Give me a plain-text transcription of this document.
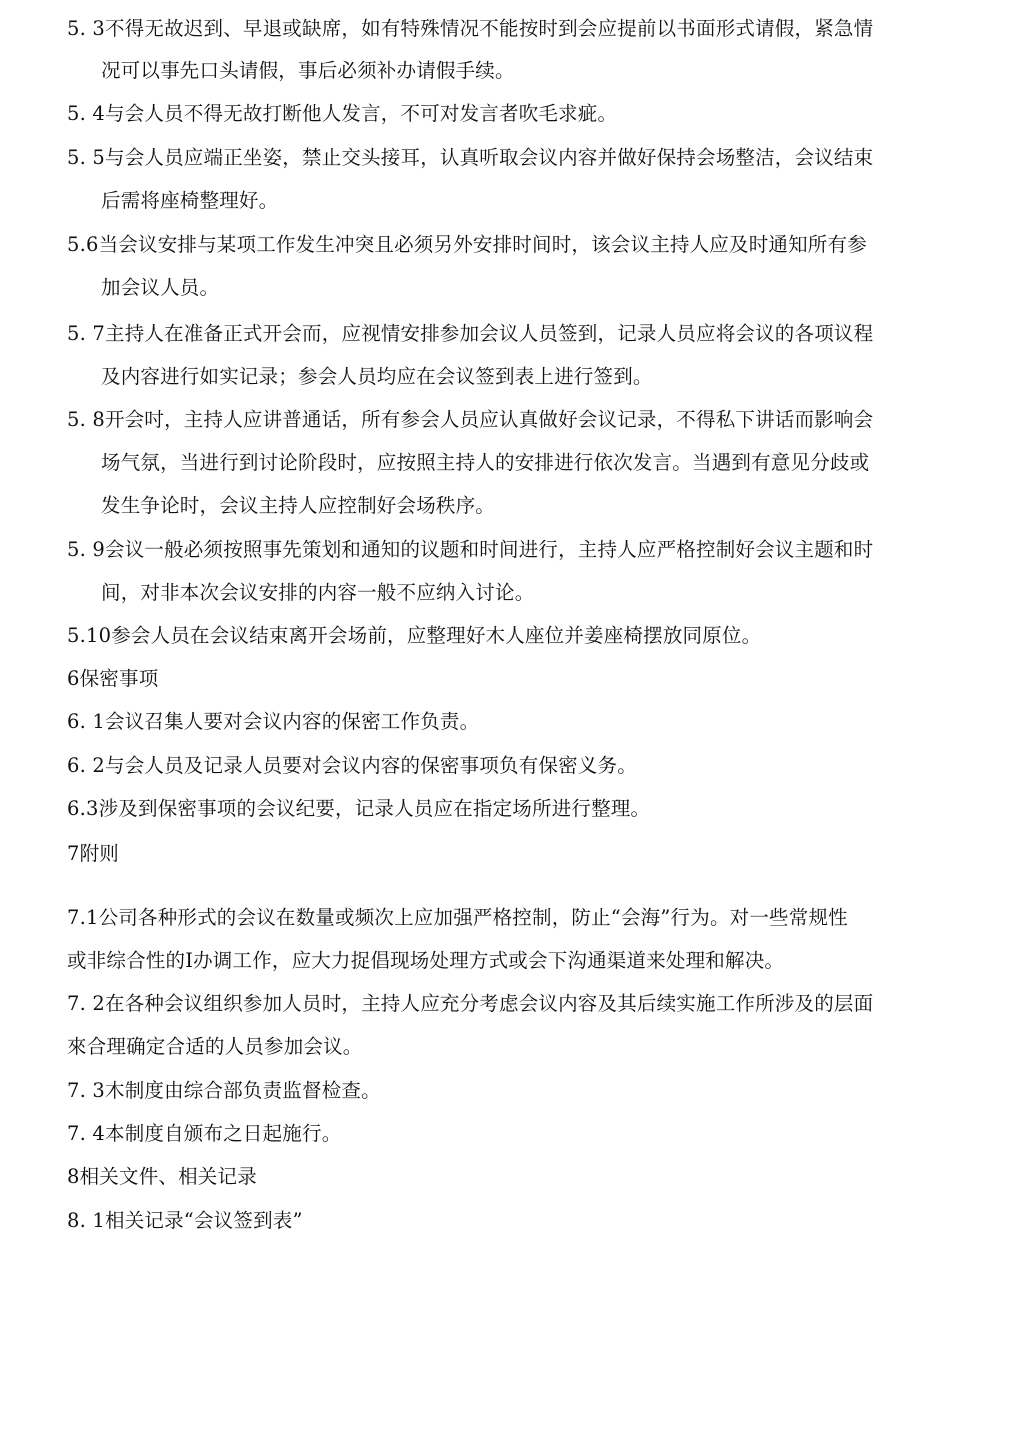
5. 3不得无故迟到、早退或缺席，如有特殊情况不能按时到会应提前以书面形式请假，紧急情
况可以事先口头请假，事后必须补办请假手续。
5. 4与会人员不得无故打断他人发言，不可对发言者吹毛求疵。
5. 5与会人员应端正坐姿，禁止交头接耳，认真听取会议内容并做好保持会场整洁，会议结束
后需将座椅整理好。
5.6当会议安排与某项工作发生冲突且必须另外安排时间时，该会议主持人应及时通知所有参
加会议人员。
5. 7主持人在准备正式开会而，应视情安排参加会议人员签到，记录人员应将会议的各项议程
及内容进行如实记录；参会人员均应在会议签到表上进行签到。
5. 8开会吋，主持人应讲普通话，所有参会人员应认真做好会议记录，不得私下讲话而影响会
场气氛，当进行到讨论阶段时，应按照主持人的安排进行依次发言。当遇到有意见分歧或
发生争论时，会议主持人应控制好会场秩序。
5. 9会议一般必须按照事先策划和通知的议题和时间进行，主持人应严格控制好会议主题和时
间，对非本次会议安排的内容一般不应纳入讨论。
5.10参会人员在会议结束离开会场前，应整理好木人座位并姜座椅摆放同原位。
6保密事项
6. 1会议召集人要对会议内容的保密工作负责。
6. 2与会人员及记录人员要对会议内容的保密事项负有保密义务。
6.3涉及到保密事项的会议纪要，记录人员应在指定场所进行整理。
7附则
7.1公司各种形式的会议在数量或频次上应加强严格控制，防止“会海”行为。对一些常规性
或非综合性的I办调工作，应大力捉倡现场处理方式或会下沟通渠道来处理和解决。
7. 2在各种会议组织参加人员时，主持人应充分考虑会议内容及其后续实施工作所涉及的层面
來合理确定合适的人员参加会议。
7. 3木制度由综合部负责监督检查。
7. 4本制度自颁布之日起施行。
8相关文件、相关记录
8. 1相关记录“会议签到表”
